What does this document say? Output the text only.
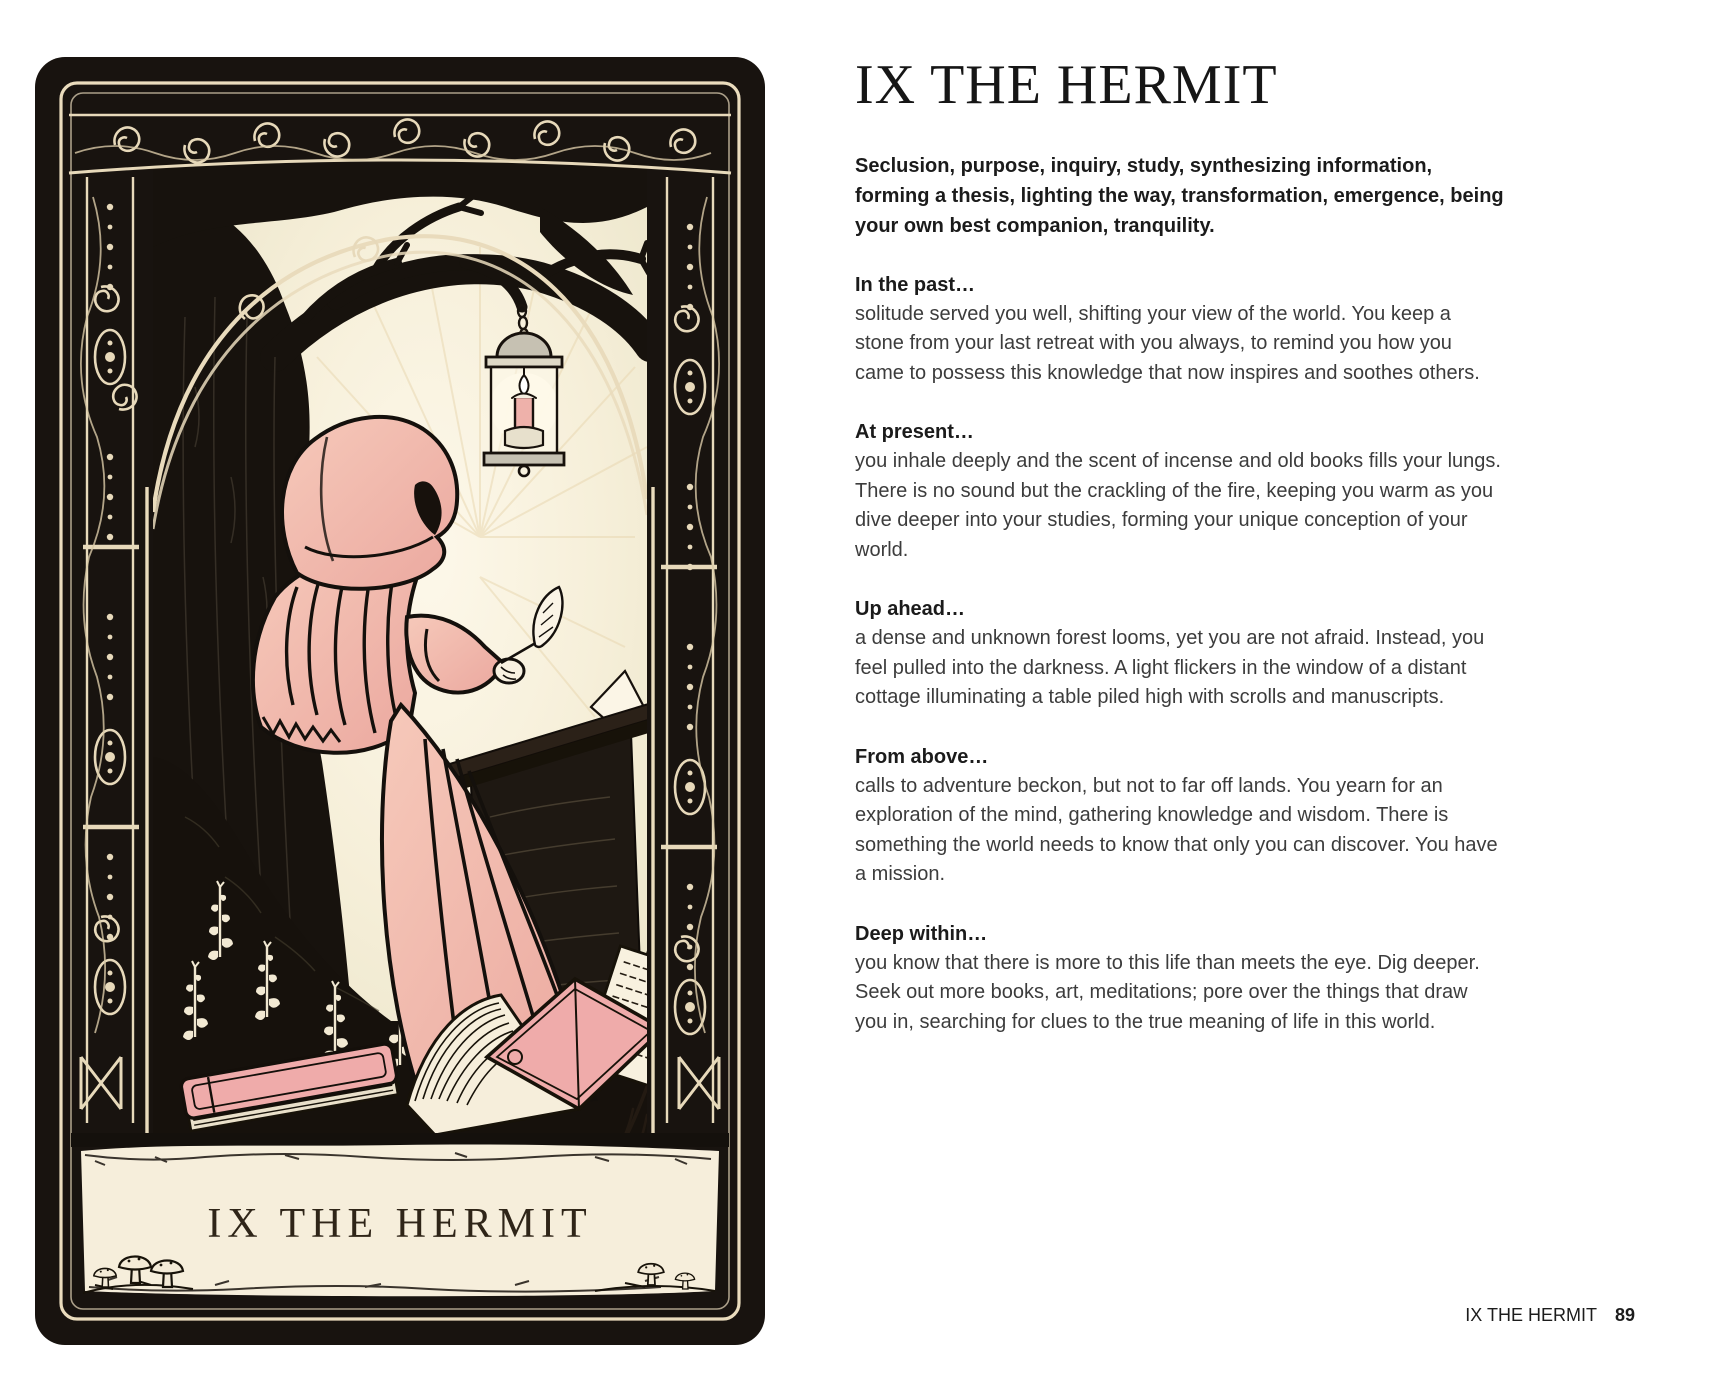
IX THE HERMIT
IX THE HERMIT

Seclusion, purpose, inquiry, study, synthesizing information, forming a thesis, lighting the way, transformation, emergence, being your own best companion, tranquility.

In the past…

solitude served you well, shifting your view of the world. You keep a stone from your last retreat with you always, to remind you how you came to possess this knowledge that now inspires and soothes others.

At present…

you inhale deeply and the scent of incense and old books fills your lungs. There is no sound but the crackling of the fire, keeping you warm as you dive deeper into your studies, forming your unique conception of your world.

Up ahead…

a dense and unknown forest looms, yet you are not afraid. Instead, you feel pulled into the darkness. A light flickers in the window of a distant cottage illuminating a table piled high with scrolls and manuscripts.

From above…

calls to adventure beckon, but not to far off lands. You yearn for an exploration of the mind, gathering knowledge and wisdom. There is something the world needs to know that only you can discover. You have a mission.

Deep within…

you know that there is more to this life than meets the eye. Dig deeper. Seek out more books, art, meditations; pore over the things that draw you in, searching for clues to the true meaning of life in this world.

IX THE HERMIT 89
